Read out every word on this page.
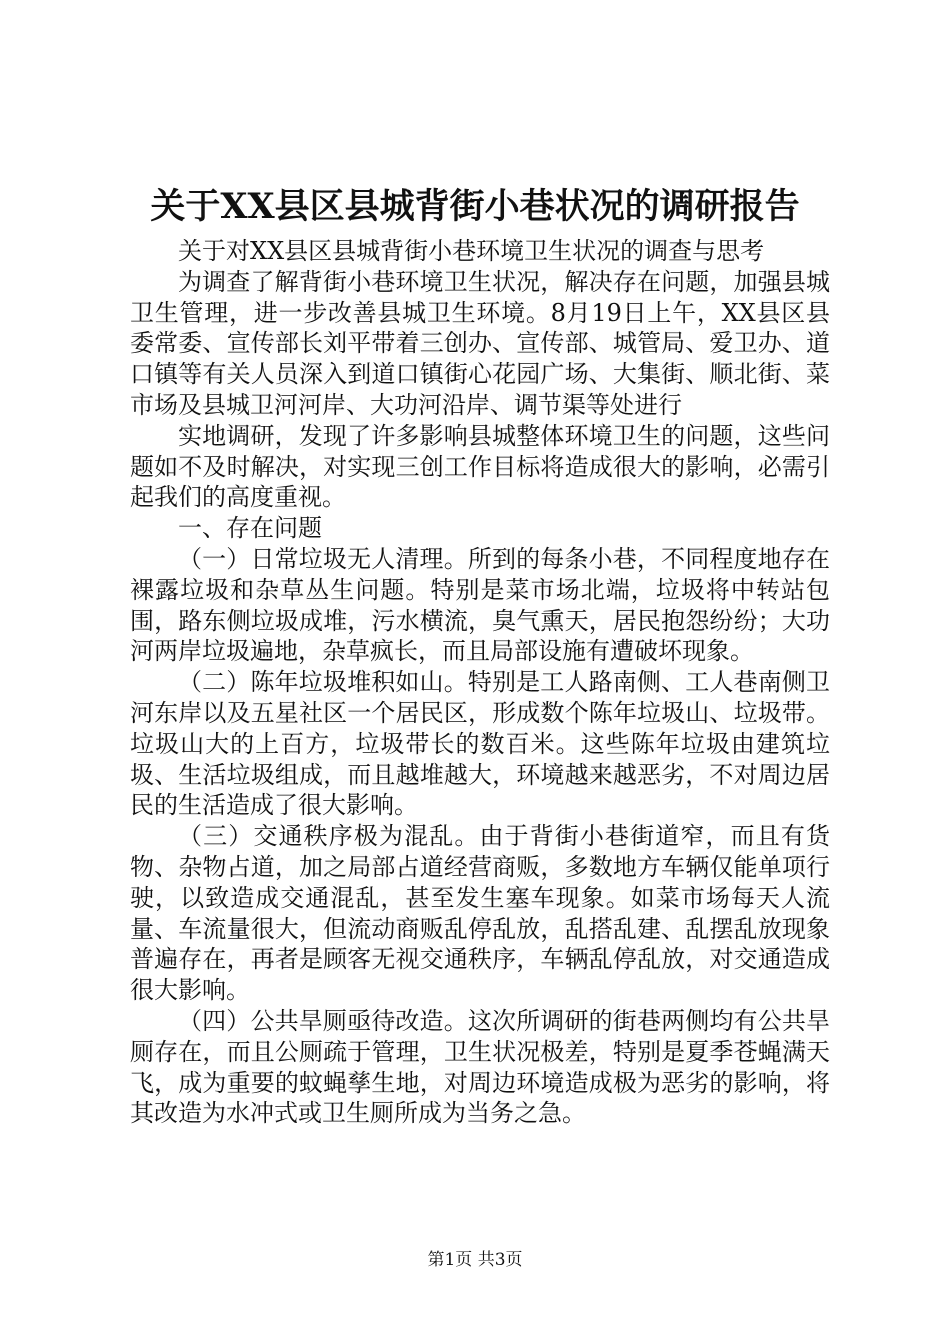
关于XX县区县城背街小巷状况的调研报告

关于对XX县区县城背街小巷环境卫生状况的调查与思考

为调查了解背街小巷环境卫生状况，解决存在问题，加强县城卫生管理，进一步改善县城卫生环境。8月19日上午，XX县区县委常委、宣传部长刘平带着三创办、宣传部、城管局、爱卫办、道口镇等有关人员深入到道口镇街心花园广场、大集街、顺北街、菜市场及县城卫河河岸、大功河沿岸、调节渠等处进行

实地调研，发现了许多影响县城整体环境卫生的问题，这些问题如不及时解决，对实现三创工作目标将造成很大的影响，必需引起我们的高度重视。

一、存在问题

（一）日常垃圾无人清理。所到的每条小巷，不同程度地存在裸露垃圾和杂草丛生问题。特别是菜市场北端，垃圾将中转站包围，路东侧垃圾成堆，污水横流，臭气熏天，居民抱怨纷纷；大功河两岸垃圾遍地，杂草疯长，而且局部设施有遭破坏现象。

（二）陈年垃圾堆积如山。特别是工人路南侧、工人巷南侧卫河东岸以及五星社区一个居民区，形成数个陈年垃圾山、垃圾带。垃圾山大的上百方，垃圾带长的数百米。这些陈年垃圾由建筑垃圾、生活垃圾组成，而且越堆越大，环境越来越恶劣，不对周边居民的生活造成了很大影响。

（三）交通秩序极为混乱。由于背街小巷街道窄，而且有货物、杂物占道，加之局部占道经营商贩，多数地方车辆仅能单项行驶，以致造成交通混乱，甚至发生塞车现象。如菜市场每天人流量、车流量很大，但流动商贩乱停乱放，乱搭乱建、乱摆乱放现象普遍存在，再者是顾客无视交通秩序，车辆乱停乱放，对交通造成很大影响。

（四）公共旱厕亟待改造。这次所调研的街巷两侧均有公共旱厕存在，而且公厕疏于管理，卫生状况极差，特别是夏季苍蝇满天飞，成为重要的蚊蝇孳生地，对周边环境造成极为恶劣的影响，将其改造为水冲式或卫生厕所成为当务之急。

第1页 共3页
